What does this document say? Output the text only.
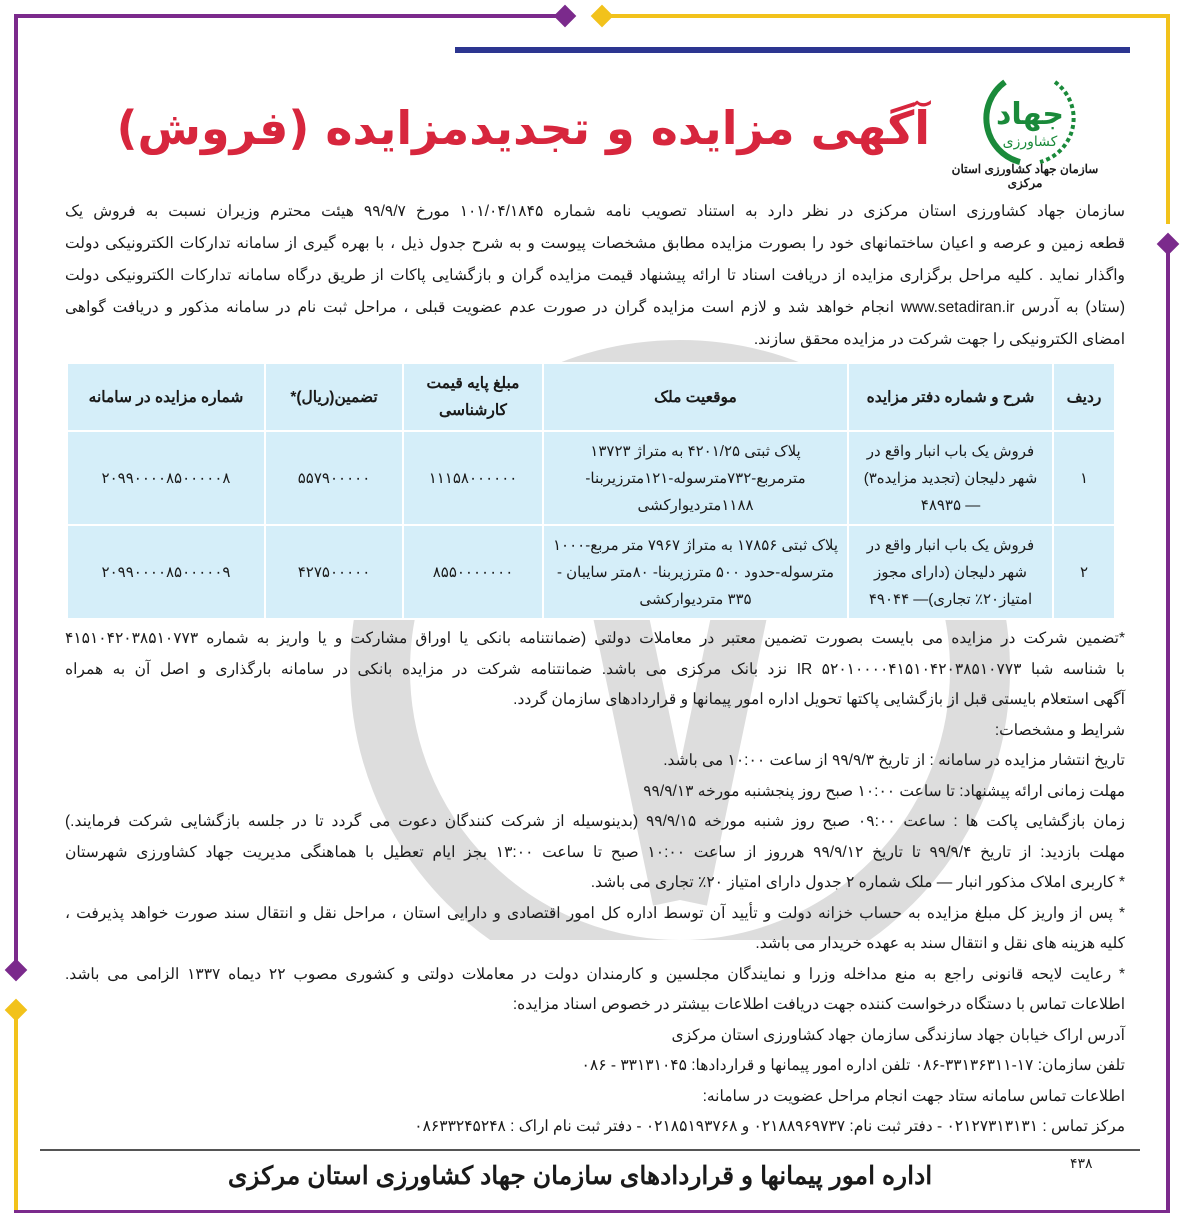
جهاد
کشاورزی
سازمان جهاد کشاورزی استان مرکزی
آگهی مزایده و تجدیدمزایده (فروش)
سازمان جهاد کشاورزی استان مرکزی در نظر دارد به استناد تصویب نامه شماره ۱۰۱/۰۴/۱۸۴۵ مورخ ۹۹/۹/۷ هیئت محترم وزیران نسبت به فروش یک
قطعه زمین و عرصه و اعیان ساختمانهای خود را بصورت مزایده مطابق مشخصات پیوست و به شرح جدول ذیل ، با بهره گیری از سامانه تدارکات الکترونیکی دولت
واگذار نماید . کلیه مراحل برگزاری مزایده از دریافت اسناد تا ارائه پیشنهاد قیمت مزایده گران و بازگشایی پاکات از طریق درگاه سامانه تدارکات الکترونیکی دولت
(ستاد) به آدرس www.setadiran.ir انجام خواهد شد و لازم است مزایده گران در صورت عدم عضویت قبلی ، مراحل ثبت نام در سامانه مذکور و دریافت گواهی
امضای الکترونیکی را جهت شرکت در مزایده محقق سازند.
ردیف	شرح و شماره دفتر مزایده	موقعیت ملک	مبلغ پایه قیمت کارشناسی	تضمین(ریال)*	شماره مزایده در سامانه
۱	فروش یک باب انبار واقع در شهر دلیجان (تجدید مزایده۳) — ۴۸۹۳۵	پلاک ثبتی ۴۲۰۱/۲۵ به متراژ ۱۳۷۲۳ مترمربع-۷۳۲مترسوله-۱۲۱مترزیربنا- ۱۱۸۸متردیوارکشی	۱۱۱۵۸۰۰۰۰۰۰	۵۵۷۹۰۰۰۰۰	۲۰۹۹۰۰۰۰۸۵۰۰۰۰۰۸
۲	فروش یک باب انبار واقع در شهر دلیجان (دارای مجوز امتیاز۲۰٪ تجاری)— ۴۹۰۴۴	پلاک ثبتی ۱۷۸۵۶ به متراژ ۷۹۶۷ متر مربع-۱۰۰۰ مترسوله-حدود ۵۰۰ مترزیربنا- ۸۰متر سایبان - ۳۳۵ متردیوارکشی	۸۵۵۰۰۰۰۰۰۰	۴۲۷۵۰۰۰۰۰	۲۰۹۹۰۰۰۰۸۵۰۰۰۰۰۹
*تضمین شرکت در مزایده می بایست بصورت تضمین معتبر در معاملات دولتی (ضمانتنامه بانکی یا اوراق مشارکت و یا واریز به شماره ۴۱۵۱۰۴۲۰۳۸۵۱۰۷۷۳
با شناسه شبا IR ۵۲۰۱۰۰۰۰۴۱۵۱۰۴۲۰۳۸۵۱۰۷۷۳ نزد بانک مرکزی می باشد. ضمانتنامه شرکت در مزایده بانکی در سامانه بارگذاری و اصل آن به همراه
آگهی استعلام بایستی قبل از بازگشایی پاکتها تحویل اداره امور پیمانها و قراردادهای سازمان گردد.
شرایط و مشخصات:
تاریخ انتشار مزایده در سامانه : از تاریخ ۹۹/۹/۳ از ساعت ۱۰:۰۰ می باشد.
مهلت زمانی ارائه پیشنهاد: تا ساعت ۱۰:۰۰ صبح روز پنجشنبه مورخه ۹۹/۹/۱۳
زمان بازگشایی پاکت ها : ساعت ۰۹:۰۰ صبح روز شنبه مورخه ۹۹/۹/۱۵ (بدینوسیله از شرکت کنندگان دعوت می گردد تا در جلسه بازگشایی شرکت فرمایند.)
مهلت بازدید: از تاریخ ۹۹/۹/۴ تا تاریخ ۹۹/۹/۱۲ هرروز از ساعت ۱۰:۰۰ صبح تا ساعت ۱۳:۰۰ بجز ایام تعطیل با هماهنگی مدیریت جهاد کشاورزی شهرستان
* کاربری املاک مذکور انبار — ملک شماره ۲ جدول دارای امتیاز ۲۰٪ تجاری می باشد.
* پس از واریز کل مبلغ مزایده به حساب خزانه دولت و تأیید آن توسط اداره کل امور اقتصادی و دارایی استان ، مراحل نقل و انتقال سند صورت خواهد پذیرفت ،
کلیه هزینه های نقل و انتقال سند به عهده خریدار می باشد.
* رعایت لایحه قانونی راجع به منع مداخله وزرا و نمایندگان مجلسین و کارمندان دولت در معاملات دولتی و کشوری مصوب ۲۲ دیماه ۱۳۳۷ الزامی می باشد.
اطلاعات تماس با دستگاه درخواست کننده جهت دریافت اطلاعات بیشتر در خصوص اسناد مزایده:
آدرس اراک خیابان جهاد سازندگی سازمان جهاد کشاورزی استان مرکزی
تلفن سازمان: ۱۷-۳۳۱۳۶۳۱۱-۰۸۶ تلفن اداره امور پیمانها و قراردادها: ۳۳۱۳۱۰۴۵ - ۰۸۶
اطلاعات تماس سامانه ستاد جهت انجام مراحل عضویت در سامانه:
مرکز تماس : ۰۲۱۲۷۳۱۳۱۳۱ - دفتر ثبت نام: ۰۲۱۸۸۹۶۹۷۳۷ و ۰۲۱۸۵۱۹۳۷۶۸ - دفتر ثبت نام اراک : ۰۸۶۳۳۲۴۵۲۴۸
۴۳۸
اداره امور پیمانها و قراردادهای سازمان جهاد کشاورزی استان مرکزی
